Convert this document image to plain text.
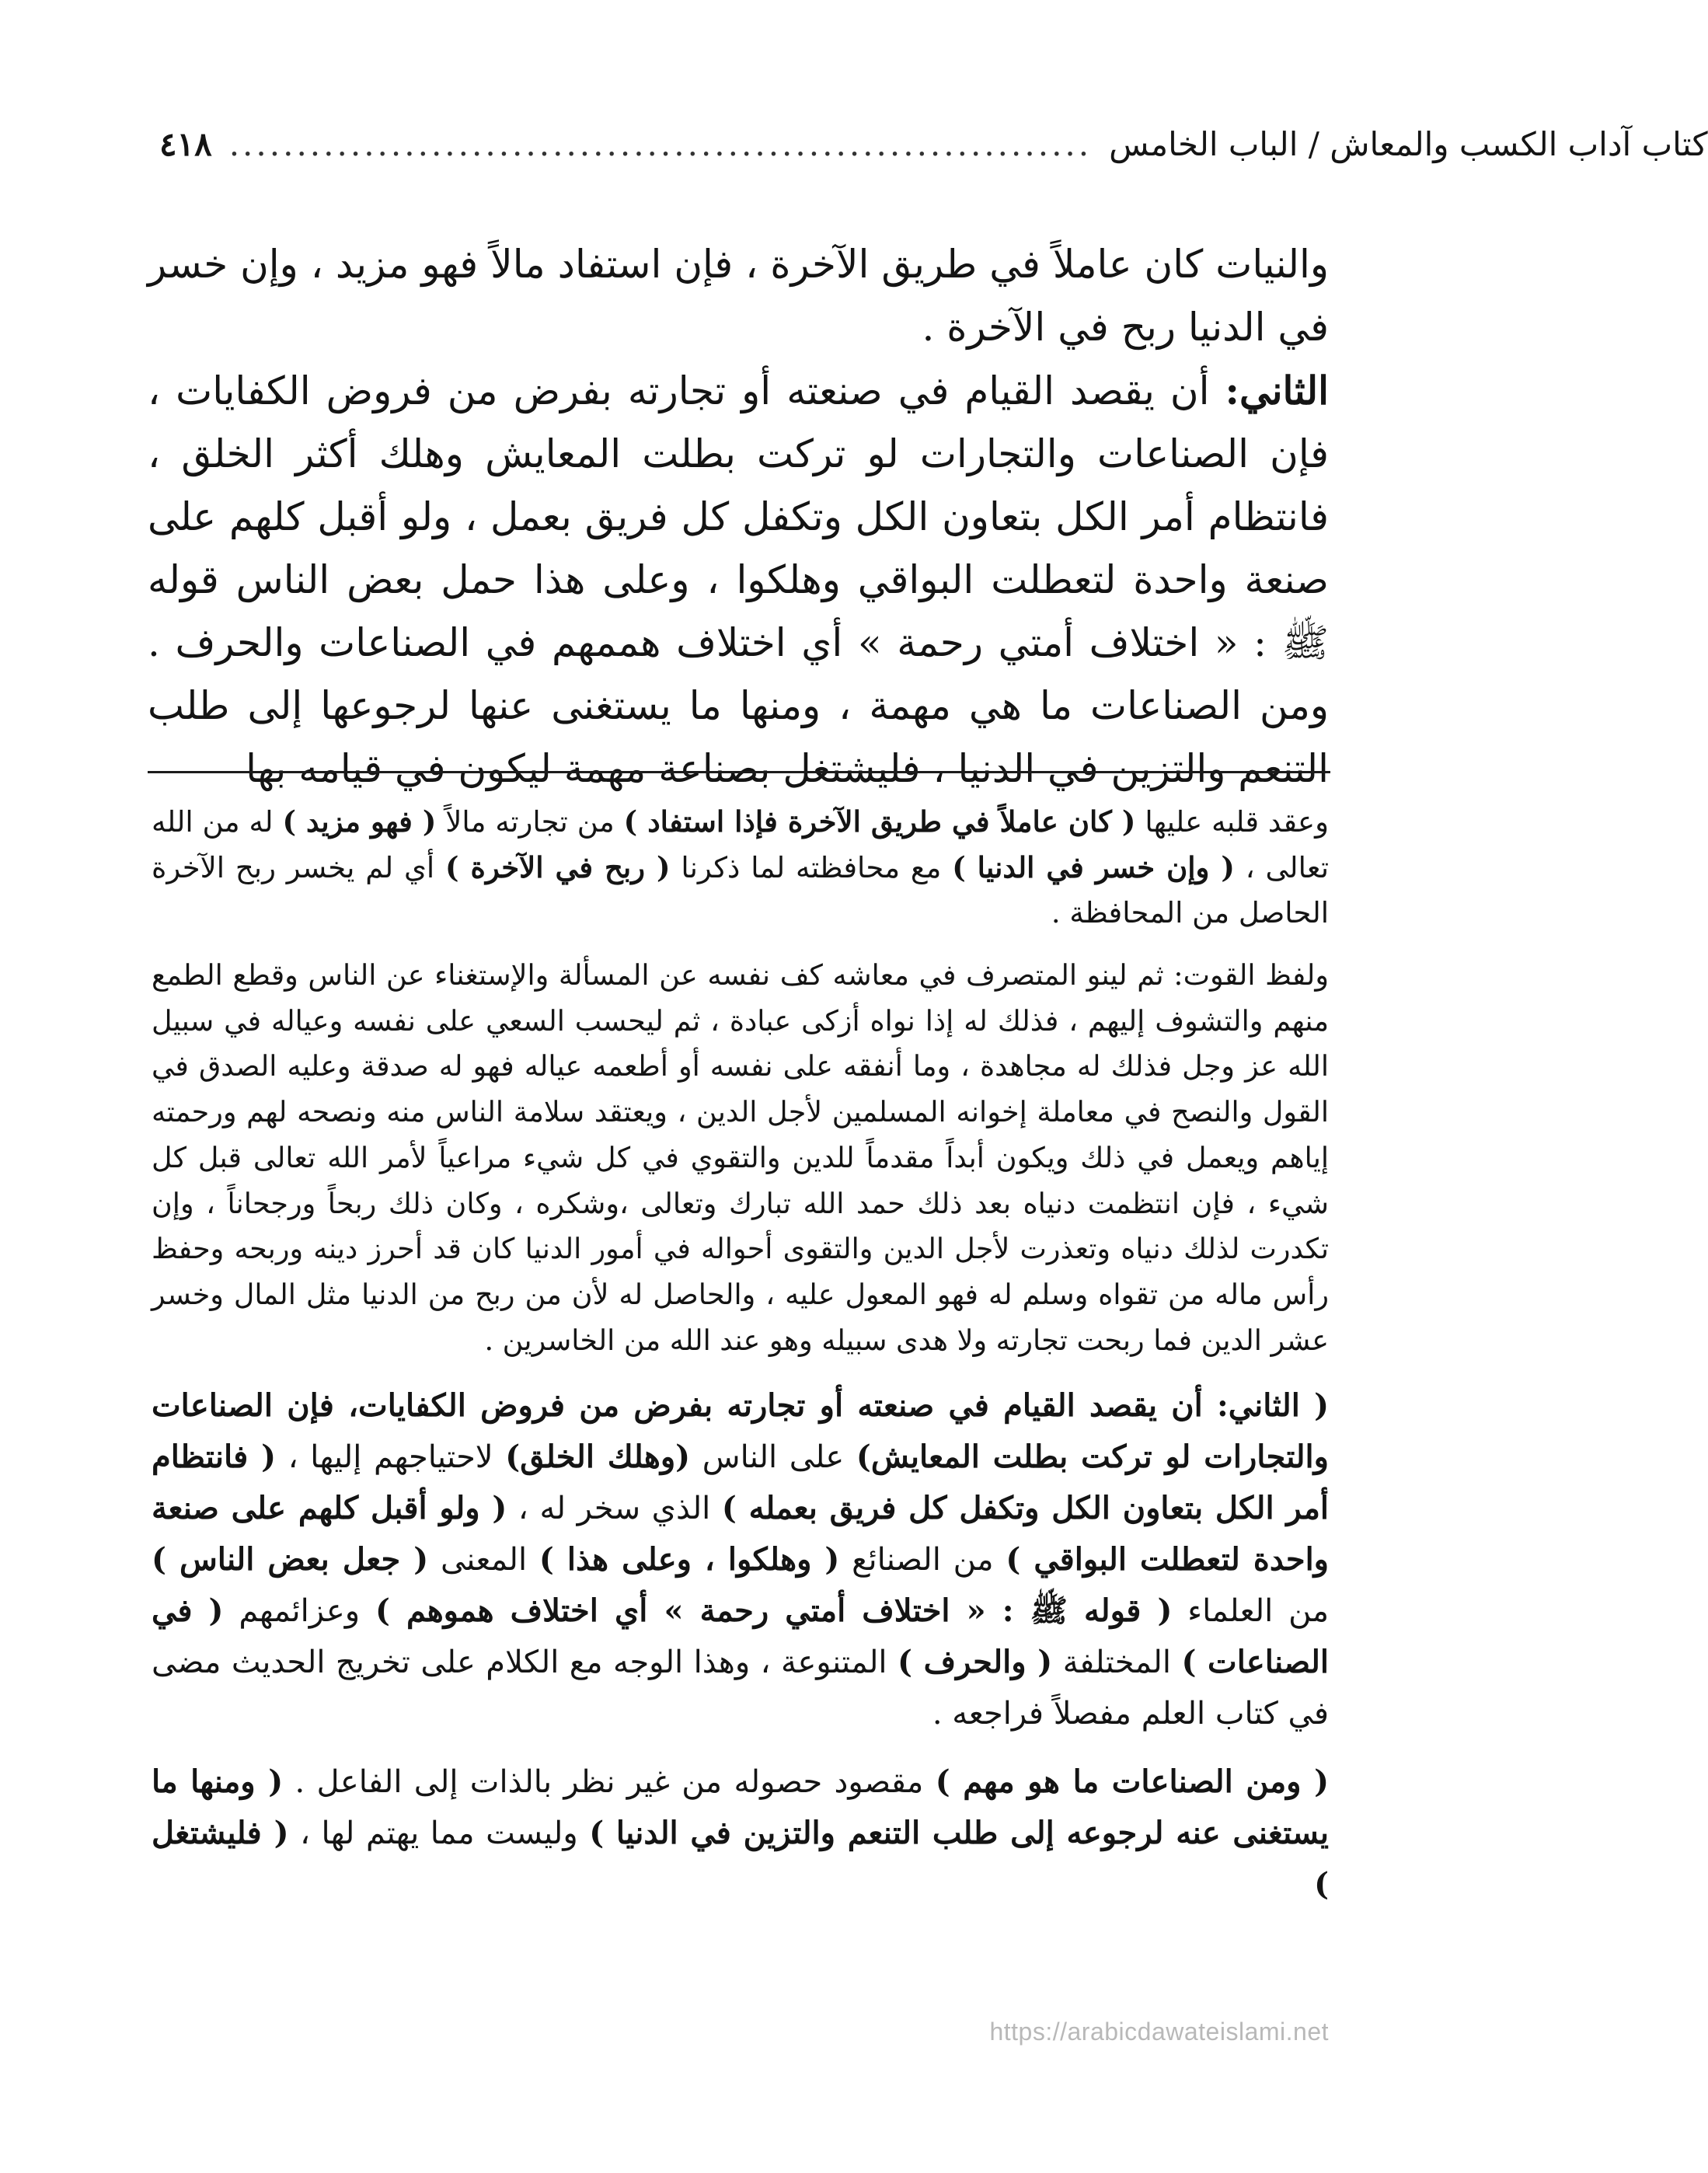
٤١٨ ................................................................ كتاب آداب الكسب والمعاش / الباب الخامس

والنيات كان عاملاً في طريق الآخرة ، فإن استفاد مالاً فهو مزيد ، وإن خسر في الدنيا ربح في الآخرة .

الثاني: أن يقصد القيام في صنعته أو تجارته بفرض من فروض الكفايات ، فإن الصناعات والتجارات لو تركت بطلت المعايش وهلك أكثر الخلق ، فانتظام أمر الكل بتعاون الكل وتكفل كل فريق بعمل ، ولو أقبل كلهم على صنعة واحدة لتعطلت البواقي وهلكوا ، وعلى هذا حمل بعض الناس قوله ﷺ : « اختلاف أمتي رحمة » أي اختلاف هممهم في الصناعات والحرف . ومن الصناعات ما هي مهمة ، ومنها ما يستغنى عنها لرجوعها إلى طلب التنعم والتزين في الدنيا ، فليشتغل بصناعة مهمة ليكون في قيامه بها

وعقد قلبه عليها ( كان عاملاً في طريق الآخرة فإذا استفاد ) من تجارته مالاً ( فهو مزيد ) له من الله تعالى ، ( وإن خسر في الدنيا ) مع محافظته لما ذكرنا ( ربح في الآخرة ) أي لم يخسر ربح الآخرة الحاصل من المحافظة .

ولفظ القوت: ثم لينو المتصرف في معاشه كف نفسه عن المسألة والإستغناء عن الناس وقطع الطمع منهم والتشوف إليهم ، فذلك له إذا نواه أزكى عبادة ، ثم ليحسب السعي على نفسه وعياله في سبيل الله عز وجل فذلك له مجاهدة ، وما أنفقه على نفسه أو أطعمه عياله فهو له صدقة وعليه الصدق في القول والنصح في معاملة إخوانه المسلمين لأجل الدين ، ويعتقد سلامة الناس منه ونصحه لهم ورحمته إياهم ويعمل في ذلك ويكون أبداً مقدماً للدين والتقوي في كل شيء مراعياً لأمر الله تعالى قبل كل شيء ، فإن انتظمت دنياه بعد ذلك حمد الله تبارك وتعالى ،وشكره ، وكان ذلك ربحاً ورجحاناً ، وإن تكدرت لذلك دنياه وتعذرت لأجل الدين والتقوى أحواله في أمور الدنيا كان قد أحرز دينه وربحه وحفظ رأس ماله من تقواه وسلم له فهو المعول عليه ، والحاصل له لأن من ربح من الدنيا مثل المال وخسر عشر الدين فما ربحت تجارته ولا هدى سبيله وهو عند الله من الخاسرين .

( الثاني: أن يقصد القيام في صنعته أو تجارته بفرض من فروض الكفايات، فإن الصناعات والتجارات لو تركت بطلت المعايش) على الناس (وهلك الخلق) لاحتياجهم إليها ، ( فانتظام أمر الكل بتعاون الكل وتكفل كل فريق بعمله ) الذي سخر له ، ( ولو أقبل كلهم على صنعة واحدة لتعطلت البواقي ) من الصنائع ( وهلكوا ، وعلى هذا ) المعنى ( جعل بعض الناس ) من العلماء ( قوله ﷺ : « اختلاف أمتي رحمة » أي اختلاف هموهم ) وعزائمهم ( في الصناعات ) المختلفة ( والحرف ) المتنوعة ، وهذا الوجه مع الكلام على تخريج الحديث مضى في كتاب العلم مفصلاً فراجعه .

( ومن الصناعات ما هو مهم ) مقصود حصوله من غير نظر بالذات إلى الفاعل . ( ومنها ما يستغنى عنه لرجوعه إلى طلب التنعم والتزين في الدنيا ) وليست مما يهتم لها ، ( فليشتغل )

https://arabicdawateislami.net
